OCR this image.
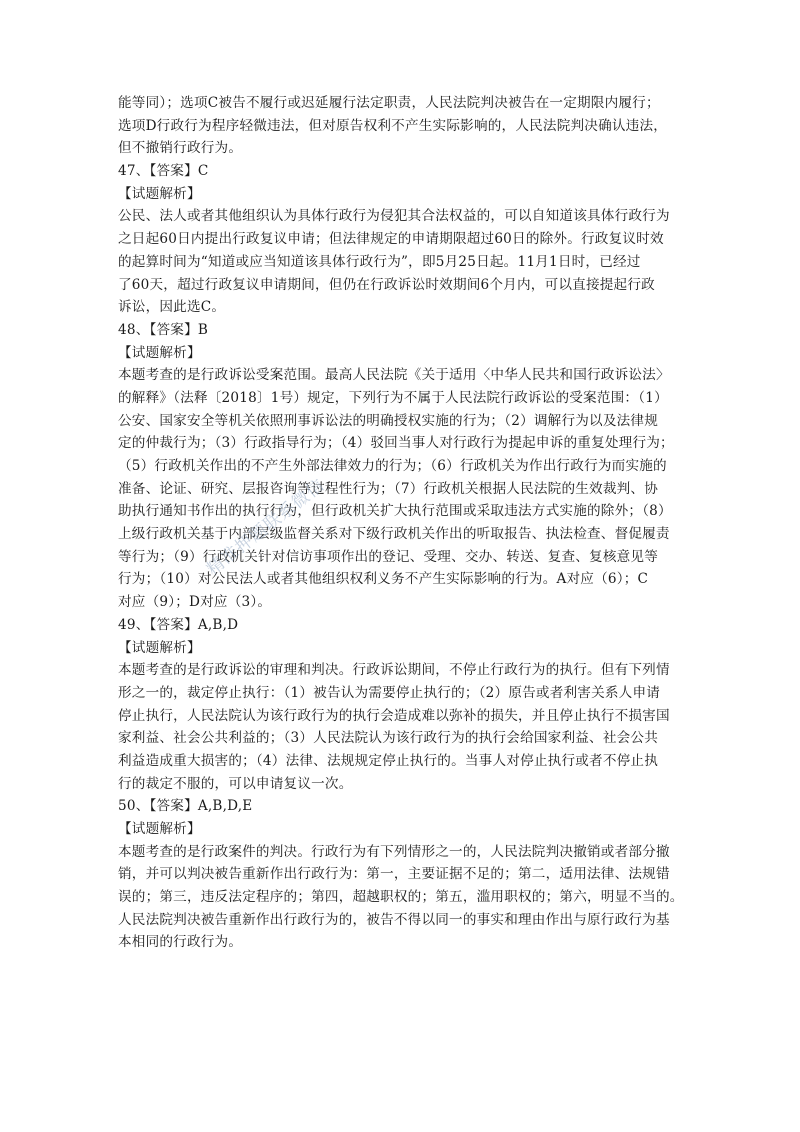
能等同）；选项C被告不履行或迟延履行法定职责，人民法院判决被告在一定期限内履行；
选项D行政行为程序轻微违法，但对原告权利不产生实际影响的，人民法院判决确认违法，
但不撤销行政行为。
47、【答案】C
【试题解析】
公民、法人或者其他组织认为具体行政行为侵犯其合法权益的，可以自知道该具体行政行为
之日起60日内提出行政复议申请；但法律规定的申请期限超过60日的除外。行政复议时效
的起算时间为“知道或应当知道该具体行政行为”，即5月25日起。11月1日时，已经过
了60天，超过行政复议申请期间，但仍在行政诉讼时效期间6个月内，可以直接提起行政
诉讼，因此选C。
48、【答案】B
【试题解析】
本题考查的是行政诉讼受案范围。最高人民法院《关于适用〈中华人民共和国行政诉讼法〉
的解释》（法释〔2018〕1号）规定，下列行为不属于人民法院行政诉讼的受案范围：（1）
公安、国家安全等机关依照刑事诉讼法的明确授权实施的行为；（2）调解行为以及法律规
定的仲裁行为；（3）行政指导行为；（4）驳回当事人对行政行为提起申诉的重复处理行为；
（5）行政机关作出的不产生外部法律效力的行为；（6）行政机关为作出行政行为而实施的
准备、论证、研究、层报咨询等过程性行为；（7）行政机关根据人民法院的生效裁判、协
助执行通知书作出的执行行为，但行政机关扩大执行范围或采取违法方式实施的除外；（8）
上级行政机关基于内部层级监督关系对下级行政机关作出的听取报告、执法检查、督促履责
等行为；（9）行政机关针对信访事项作出的登记、受理、交办、转送、复查、复核意见等
行为；（10）对公民法人或者其他组织权利义务不产生实际影响的行为。A对应（6）；C
对应（9）；D对应（3）。
49、【答案】A,B,D
【试题解析】
本题考查的是行政诉讼的审理和判决。行政诉讼期间，不停止行政行为的执行。但有下列情
形之一的，裁定停止执行：（1）被告认为需要停止执行的；（2）原告或者利害关系人申请
停止执行，人民法院认为该行政行为的执行会造成难以弥补的损失，并且停止执行不损害国
家利益、社会公共利益的；（3）人民法院认为该行政行为的执行会给国家利益、社会公共
利益造成重大损害的；（4）法律、法规规定停止执行的。当事人对停止执行或者不停止执
行的裁定不服的，可以申请复议一次。
50、【答案】A,B,D,E
【试题解析】
本题考查的是行政案件的判决。行政行为有下列情形之一的，人民法院判决撤销或者部分撤
销，并可以判决被告重新作出行政行为：第一，主要证据不足的；第二，适用法律、法规错
误的；第三，违反法定程序的；第四，超越职权的；第五，滥用职权的；第六，明显不当的。
人民法院判决被告重新作出行政行为的，被告不得以同一的事实和理由作出与原行政行为基
本相同的行政行为。
精准押题联系微信
